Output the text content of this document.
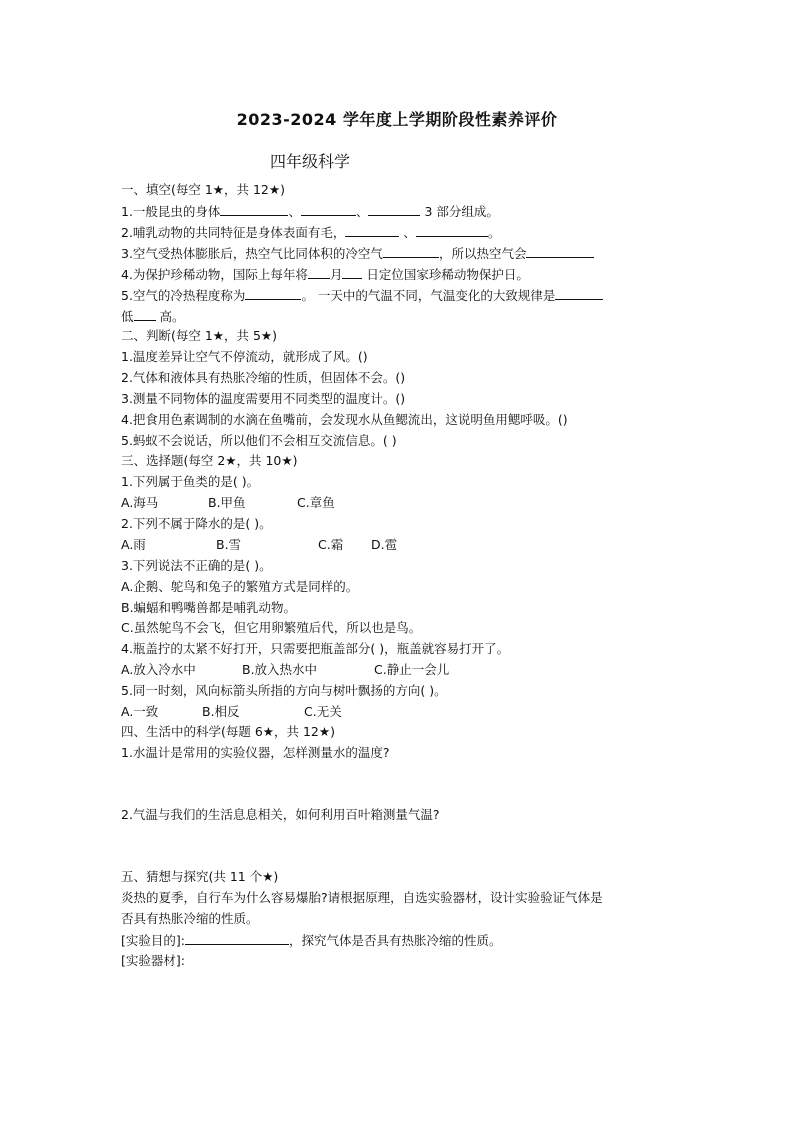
2023-2024 学年度上学期阶段性素养评价
四年级科学
一、填空(每空 1★，共 12★)
1.一般昆虫的身体	、	、	3 部分组成。
2.哺乳动物的共同特征是身体表面有毛，	、	。
3.空气受热体膨胀后，热空气比同体积的冷空气	，所以热空气会
4.为保护珍稀动物，国际上每年将 月 日定位国家珍稀动物保护日。
5.空气的冷热程度称为	。 一天中的气温不同，气温变化的大致规律是
低 高。
二、判断(每空 1★，共 5★)
1.温度差异让空气不停流动，就形成了风。()
2.气体和液体具有热胀冷缩的性质，但固体不会。()
3.测量不同物体的温度需要用不同类型的温度计。()
4.把食用色素调制的水滴在鱼嘴前，会发现水从鱼鳃流出，这说明鱼用鳃呼吸。()
5.蚂蚁不会说话，所以他们不会相互交流信息。( )
三、选择题(每空 2★，共 10★)
1.下列属于鱼类的是( )。
A.海马	B.甲鱼	C.章鱼
2.下列不属于降水的是( )。
A.雨	B.雪	C.霜 D.雹
3.下列说法不正确的是( )。
A.企鹅、鸵鸟和兔子的繁殖方式是同样的。
B.蝙蝠和鸭嘴兽都是哺乳动物。
C.虽然鸵鸟不会飞，但它用卵繁殖后代，所以也是鸟。
4.瓶盖拧的太紧不好打开，只需要把瓶盖部分( )，瓶盖就容易打开了。
A.放入冷水中	B.放入热水中	C.静止一会儿
5.同一时刻，风向标箭头所指的方向与树叶飘扬的方向( )。
A.一致	B.相反	C.无关
四、生活中的科学(每题 6★，共 12★)
1.水温计是常用的实验仪器，怎样测量水的温度?
2.气温与我们的生活息息相关，如何利用百叶箱测量气温?
五、猜想与探究(共 11 个★)
炎热的夏季，自行车为什么容易爆胎?请根据原理，自选实验器材，设计实验验证气体是
否具有热胀冷缩的性质。
[实验目的]:	，探究气体是否具有热胀冷缩的性质。
[实验器材]:
